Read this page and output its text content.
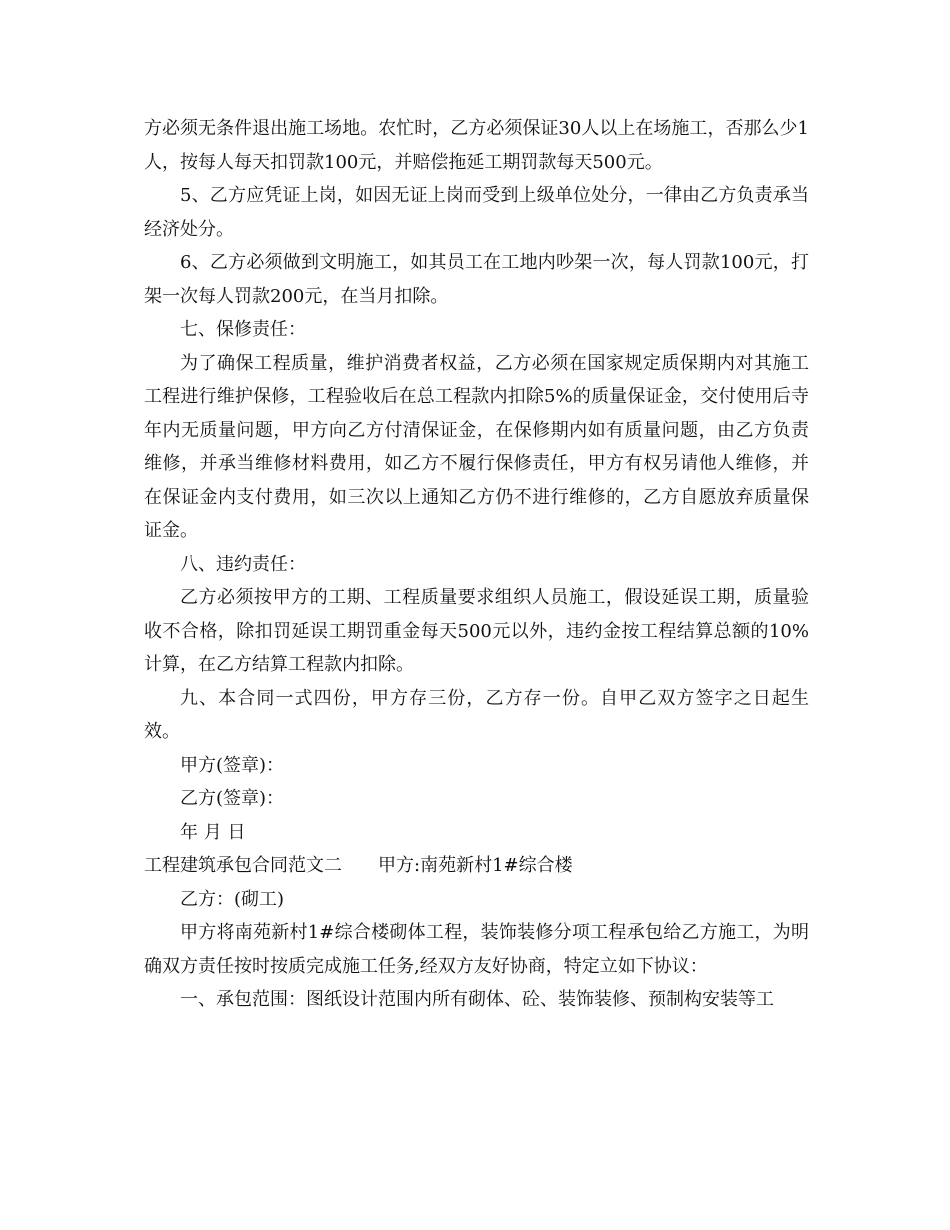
方必须无条件退出施工场地。农忙时，乙方必须保证30人以上在场施工，否那么少1人，按每人每天扣罚款100元，并赔偿拖延工期罚款每天500元。

5、乙方应凭证上岗，如因无证上岗而受到上级单位处分，一律由乙方负责承当经济处分。

6、乙方必须做到文明施工，如其员工在工地内吵架一次，每人罚款100元，打架一次每人罚款200元，在当月扣除。

七、保修责任：

为了确保工程质量，维护消费者权益，乙方必须在国家规定质保期内对其施工工程进行维护保修，工程验收后在总工程款内扣除5%的质量保证金，交付使用后寺年内无质量问题，甲方向乙方付清保证金，在保修期内如有质量问题，由乙方负责维修，并承当维修材料费用，如乙方不履行保修责任，甲方有权另请他人维修，并在保证金内支付费用，如三次以上通知乙方仍不进行维修的，乙方自愿放弃质量保证金。

八、违约责任：

乙方必须按甲方的工期、工程质量要求组织人员施工，假设延误工期，质量验收不合格，除扣罚延误工期罚重金每天500元以外，违约金按工程结算总额的10%计算，在乙方结算工程款内扣除。

九、本合同一式四份，甲方存三份，乙方存一份。自甲乙双方签字之日起生效。

甲方(签章)：

乙方(签章)：

年 月 日

工程建筑承包合同范文二 甲方:南苑新村1#综合楼

乙方：(砌工)

甲方将南苑新村1#综合楼砌体工程，装饰装修分项工程承包给乙方施工，为明确双方责任按时按质完成施工任务,经双方友好协商，特定立如下协议：

一、承包范围：图纸设计范围内所有砌体、砼、装饰装修、预制构安装等工
